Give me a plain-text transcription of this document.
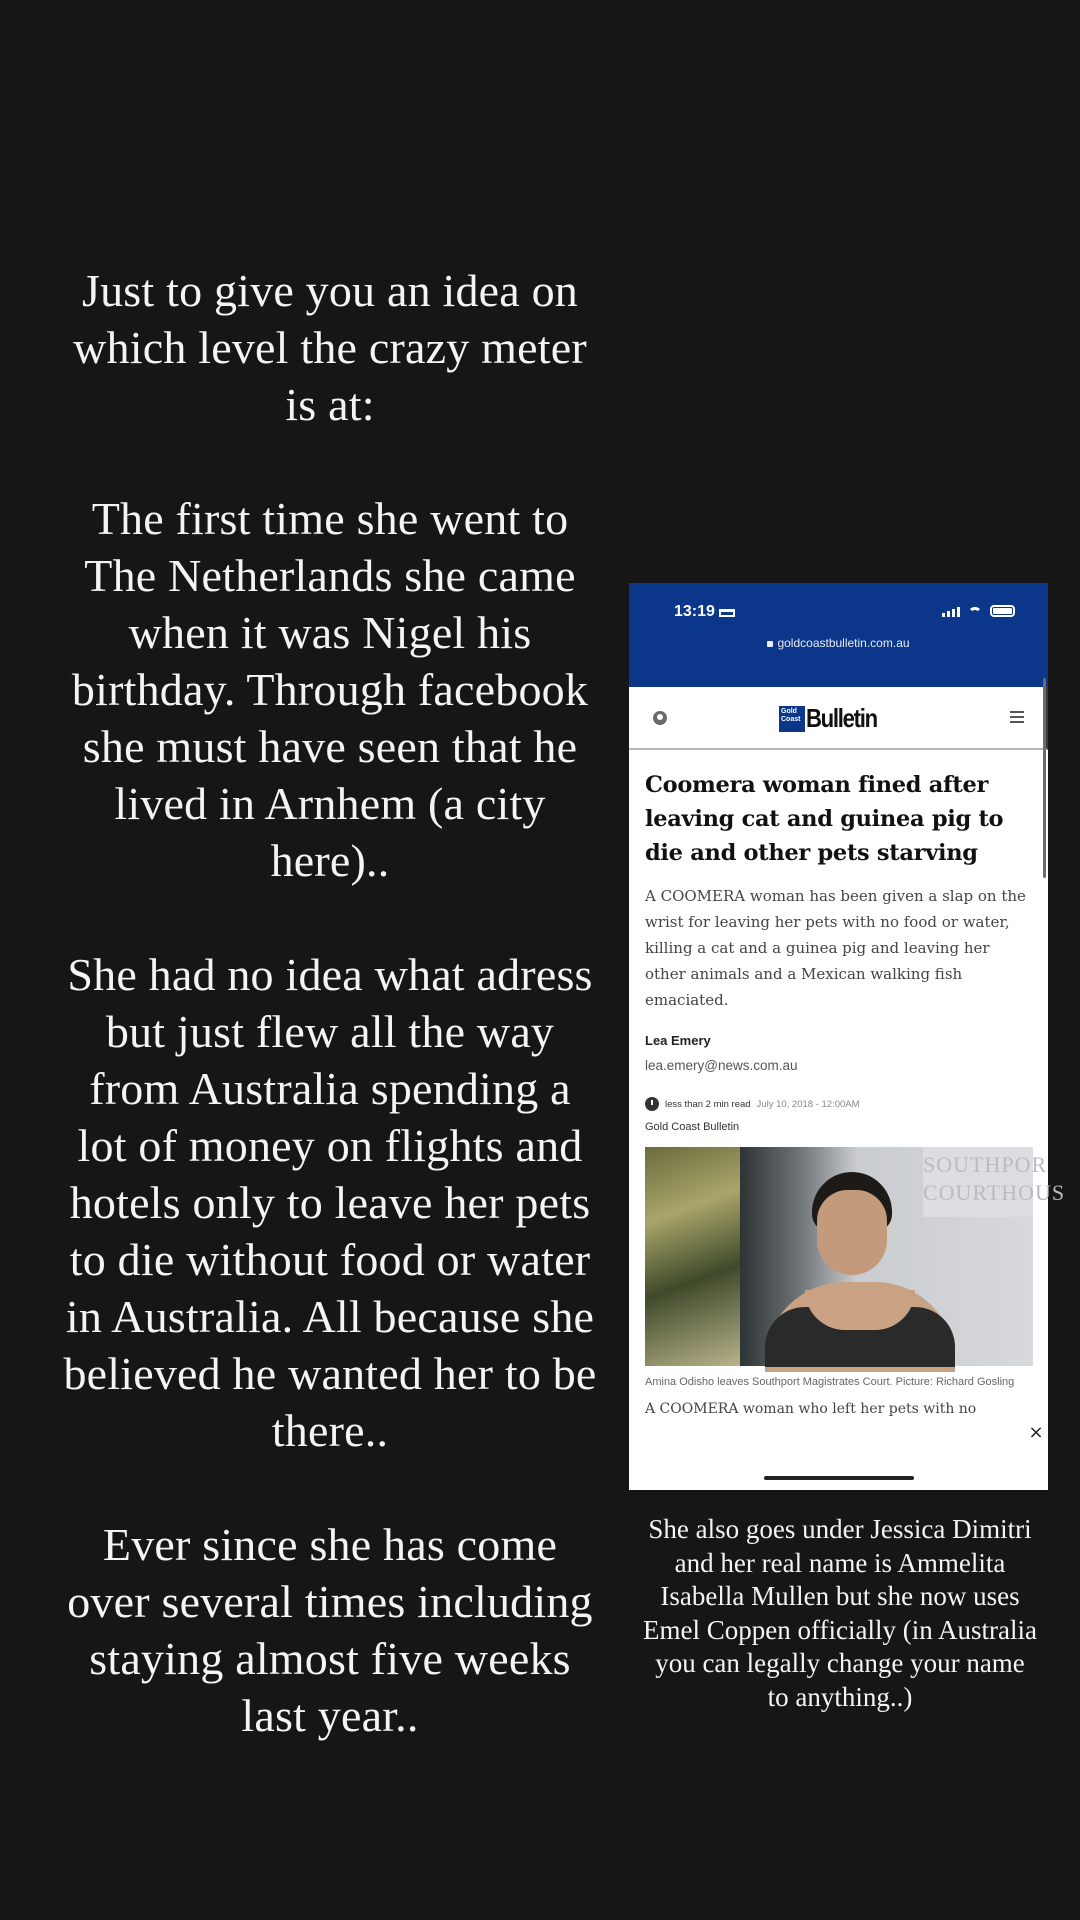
Just to give you an idea on which level the crazy meter is at:

The first time she went to The Netherlands she came when it was Nigel his birthday. Through facebook she must have seen that he lived in Arnhem (a city here)..

She had no idea what adress but just flew all the way from Australia spending a lot of money on flights and hotels only to leave her pets to die without food or water in Australia. All because she believed he wanted her to be there..

Ever since she has come over several times including staying almost five weeks last year..

13:19
goldcoastbulletin.com.au
Gold Coast Bulletin
Coomera woman fined after leaving cat and guinea pig to die and other pets starving

A COOMERA woman has been given a slap on the wrist for leaving her pets with no food or water, killing a cat and a guinea pig and leaving her other animals and a Mexican walking fish emaciated.

Lea Emery
lea.emery@news.com.au
less than 2 min read July 10, 2018 - 12:00AM
Gold Coast Bulletin
SOUTHPOR
COURTHOUS
Amina Odisho leaves Southport Magistrates Court. Picture: Richard Gosling
A COOMERA woman who left her pets with no
×
She also goes under Jessica Dimitri and her real name is Ammelita Isabella Mullen but she now uses Emel Coppen officially (in Australia you can legally change your name to anything..)
